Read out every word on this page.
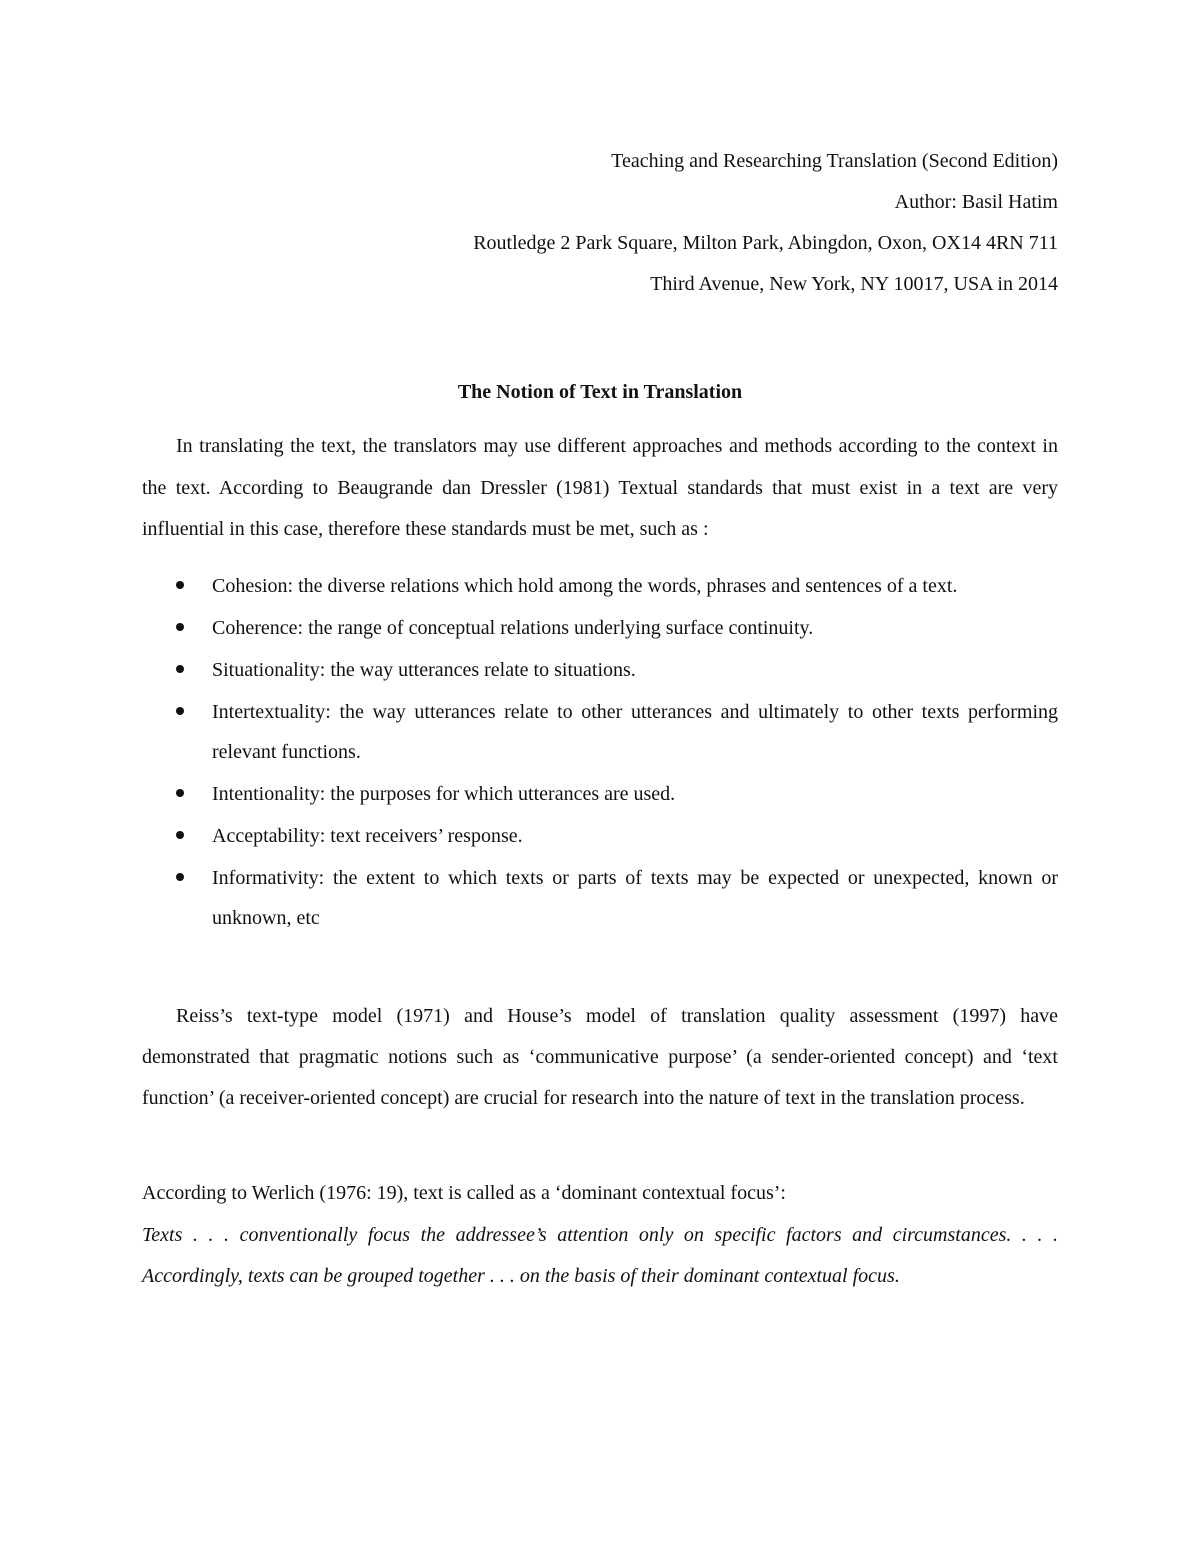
Teaching and Researching Translation (Second Edition)
Author: Basil Hatim
Routledge 2 Park Square, Milton Park, Abingdon, Oxon, OX14 4RN 711
Third Avenue, New York, NY 10017, USA in 2014
The Notion of Text in Translation

In translating the text, the translators may use different approaches and methods according to the context in the text. According to Beaugrande dan Dressler (1981) Textual standards that must exist in a text are very influential in this case, therefore these standards must be met, such as :

Cohesion: the diverse relations which hold among the words, phrases and sentences of a text.
Coherence: the range of conceptual relations underlying surface continuity.
Situationality: the way utterances relate to situations.
Intertextuality: the way utterances relate to other utterances and ultimately to other texts performing relevant functions.
Intentionality: the purposes for which utterances are used.
Acceptability: text receivers’ response.
Informativity: the extent to which texts or parts of texts may be expected or unexpected, known or unknown, etc

Reiss’s text-type model (1971) and House’s model of translation quality assessment (1997) have demonstrated that pragmatic notions such as ‘communicative purpose’ (a sender-oriented concept) and ‘text function’ (a receiver-oriented concept) are crucial for research into the nature of text in the translation process.

According to Werlich (1976: 19), text is called as a ‘dominant contextual focus’:

Texts . . . conventionally focus the addressee’s attention only on specific factors and circumstances. . . . Accordingly, texts can be grouped together . . . on the basis of their dominant contextual focus.
